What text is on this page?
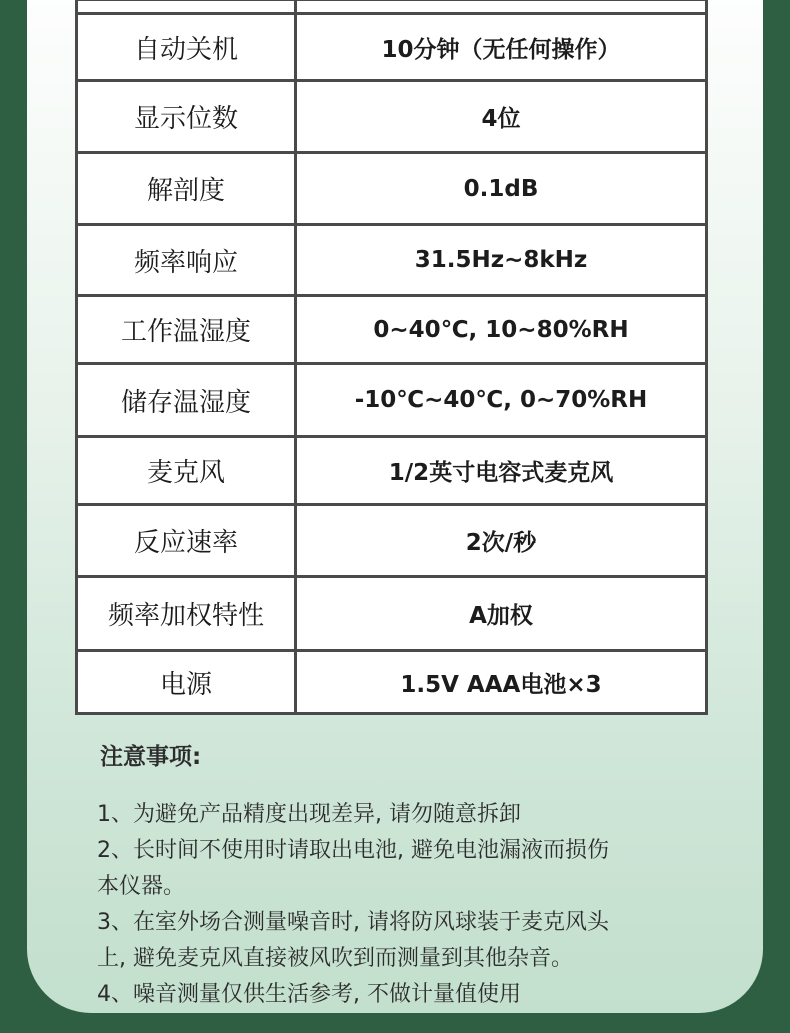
自动关机	10分钟（无任何操作）
显示位数	4位
解剖度	0.1dB
频率响应	31.5Hz~8kHz
工作温湿度	0~40℃, 10~80%RH
储存温湿度	-10℃~40℃, 0~70%RH
麦克风	1/2英寸电容式麦克风
反应速率	2次/秒
频率加权特性	A加权
电源	1.5V AAA电池×3
注意事项:
1、为避免产品精度出现差异, 请勿随意拆卸
2、长时间不使用时请取出电池, 避免电池漏液而损伤
本仪器。
3、在室外场合测量噪音时, 请将防风球装于麦克风头
上, 避免麦克风直接被风吹到而测量到其他杂音。
4、噪音测量仅供生活参考, 不做计量值使用
